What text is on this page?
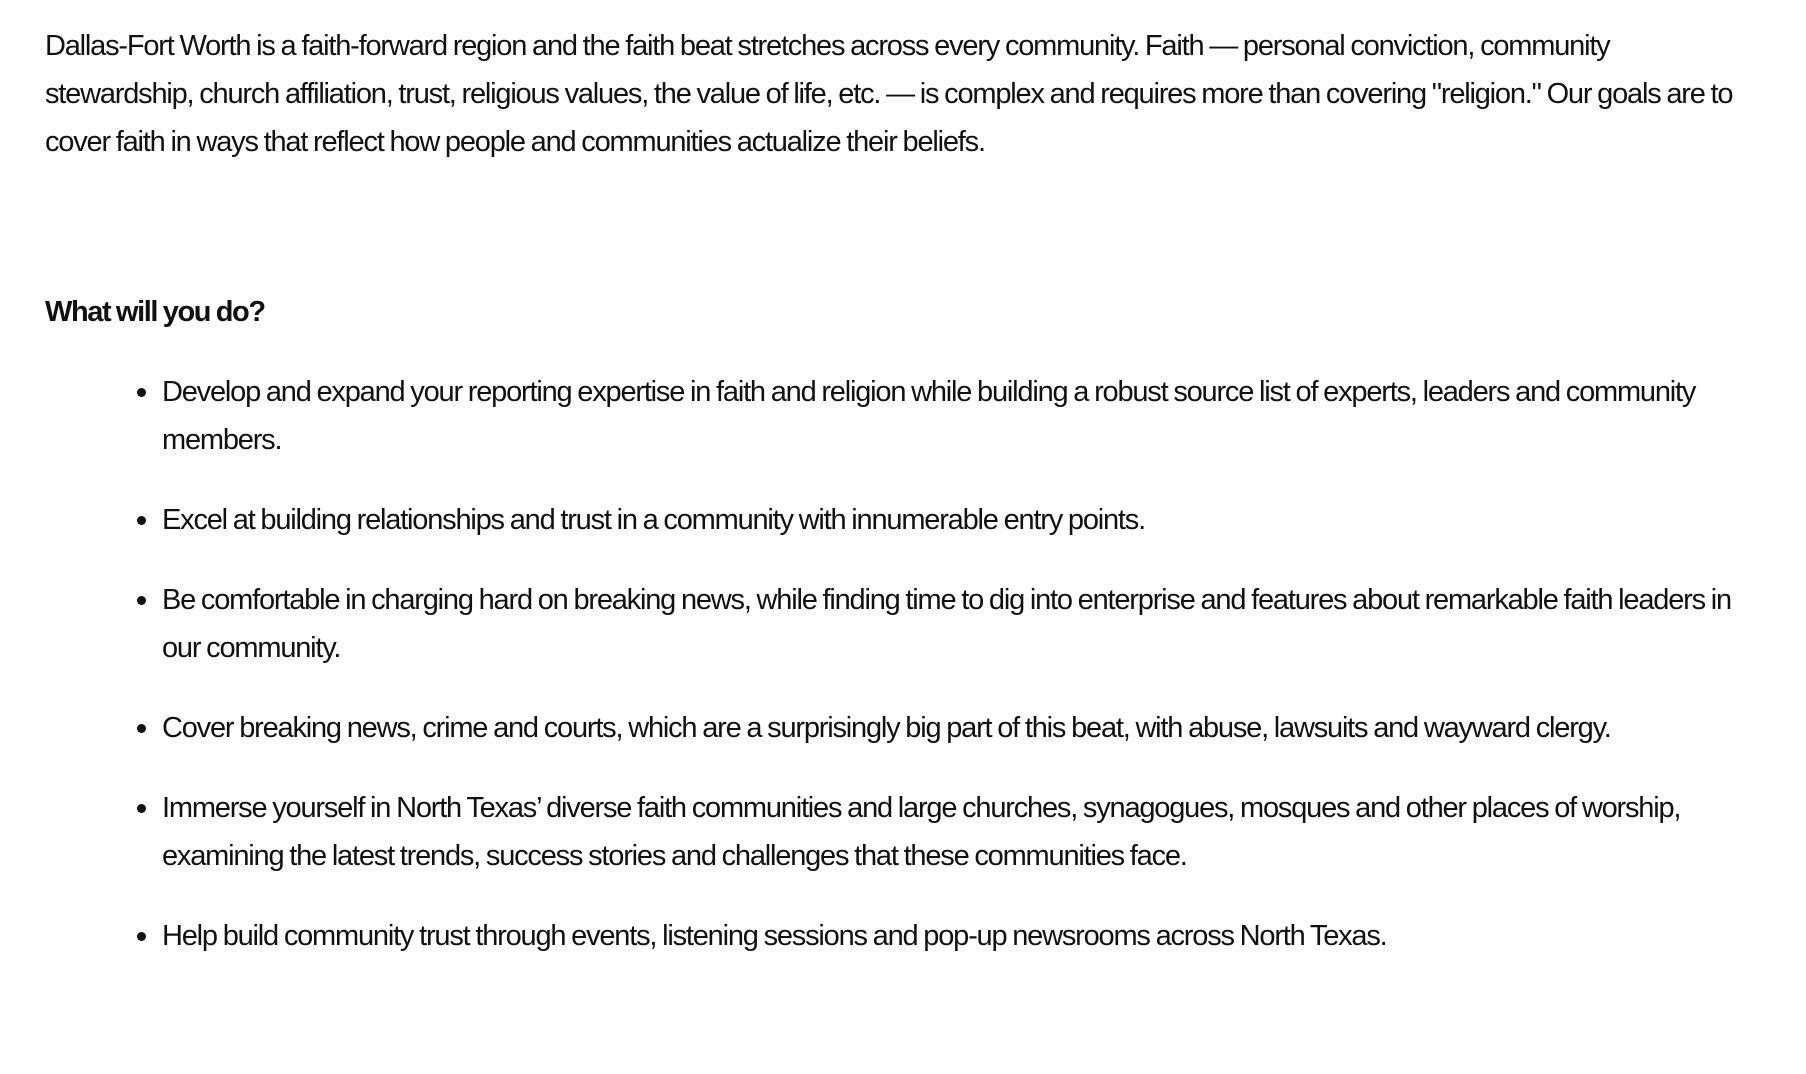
Dallas-Fort Worth is a faith-forward region and the faith beat stretches across every community. Faith — personal conviction, community stewardship, church affiliation, trust, religious values, the value of life, etc. — is complex and requires more than covering "religion." Our goals are to cover faith in ways that reflect how people and communities actualize their beliefs.

What will you do?
Develop and expand your reporting expertise in faith and religion while building a robust source list of experts, leaders and community members.
Excel at building relationships and trust in a community with innumerable entry points.
Be comfortable in charging hard on breaking news, while finding time to dig into enterprise and features about remarkable faith leaders in our community.
Cover breaking news, crime and courts, which are a surprisingly big part of this beat, with abuse, lawsuits and wayward clergy.
Immerse yourself in North Texas’ diverse faith communities and large churches, synagogues, mosques and other places of worship, examining the latest trends, success stories and challenges that these communities face.
Help build community trust through events, listening sessions and pop-up newsrooms across North Texas.
